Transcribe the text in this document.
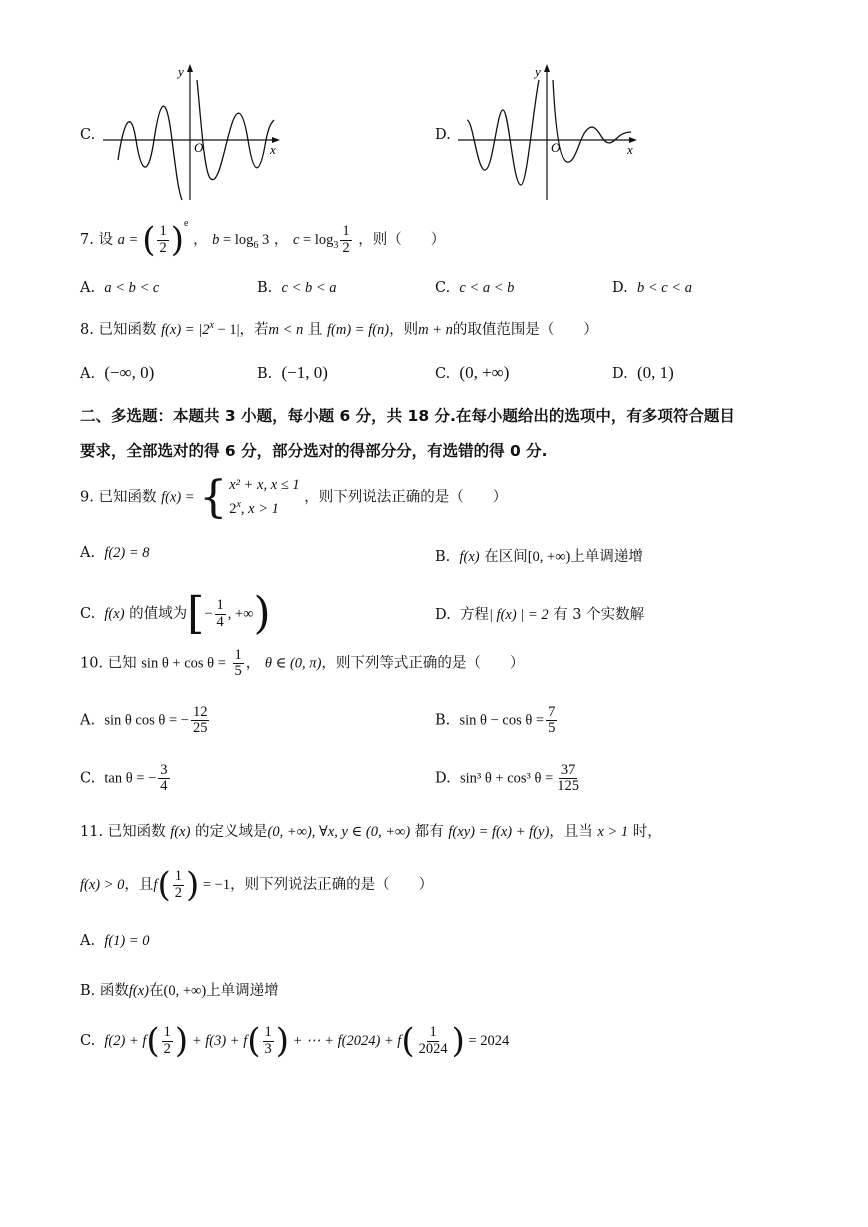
C.
y
x
O
D.
y
x
O
7. 设 a = ( $\frac{1}{2} )^e$ ， $b = \log_6 3$ ， $c = \log_3 \frac{1}{2}$ ，则（　　）
A. a < b < c	B. c < b < a	C. c < a < b	D. b < c < a
8. 已知函数 $f(x) = |2^x - 1|$，若m < n 且 f(m) = f(n)，则m + n的取值范围是（　　）
A. (−∞, 0)	B. (−1, 0)	C. (0, +∞)	D. (0, 1)
二、多选题：本题共 3 小题，每小题 6 分，共 18 分.在每小题给出的选项中，有多项符合题目
要求，全部选对的得 6 分，部分选对的得部分分，有选错的得 0 分.
9. 已知函数 f(x) = { x² + x, x ≤ 1
2$^x$, x > 1
，则下列说法正确的是（　　）
A. f(2) = 8	B. f(x) 在区间[0, +∞)上单调递增
C. f(x) 的值域为[− $\frac{1}{4}$ , +∞)	D. 方程| f(x) | = 2 有 3 个实数解
10. 已知 $\sin \theta + \cos \theta = \frac{1}{5}$ ， θ ∈ (0, π)，则下列等式正确的是（　　）
A. sin θ cos θ = − $\frac{12}{25}$	B. $\sin \theta - \cos \theta = \frac{7}{5}$
C. tan θ = − $\frac{3}{4}$	D. sin³ θ + cos³ $\theta = \frac{37}{125}$
11. 已知函数 f(x) 的定义域是(0, +∞), ∀x, y ∈ (0, +∞) 都有 f(xy) = f(x) + f(y)，且当 x > 1 时，
f(x) > 0，且$f( \frac{1}{2}$ ) = −1，则下列说法正确的是（　　）
A. f(1) = 0
B. 函数f(x)在(0, +∞)上单调递增
C. $f(2) + f( \frac{1}{2}$ ) + $f(3) + f( \frac{1}{3}$ ) + ⋯ + $f(2024) + f( \frac{1}{2024}$ ) = 2024
